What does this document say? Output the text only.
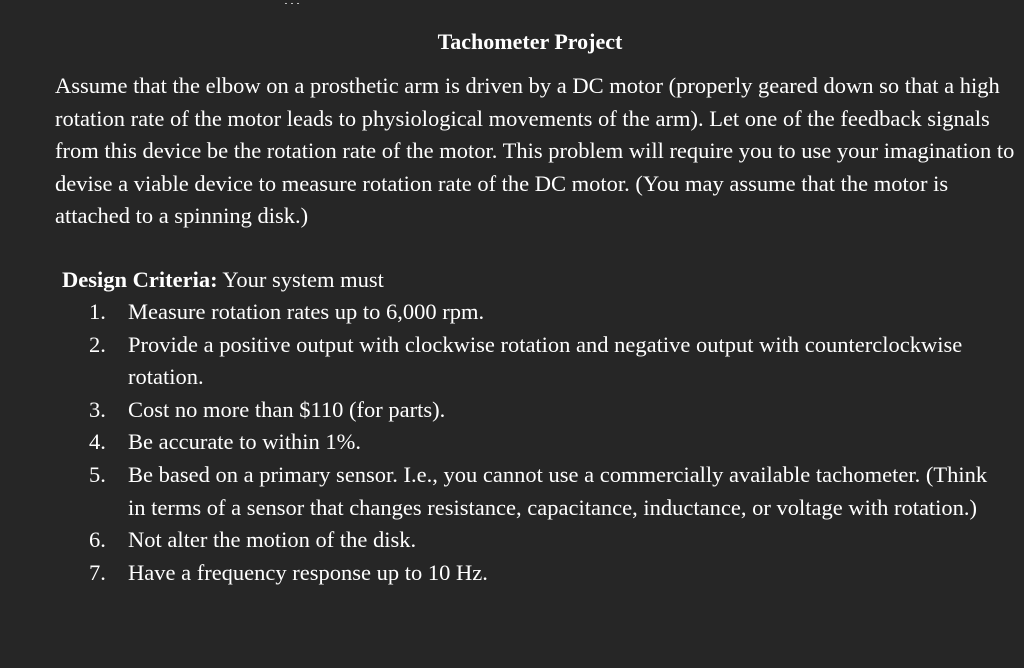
Tachometer Project

Assume that the elbow on a prosthetic arm is driven by a DC motor (properly geared down so that a high rotation rate of the motor leads to physiological movements of the arm). Let one of the feedback signals from this device be the rotation rate of the motor. This problem will require you to use your imagination to devise a viable device to measure rotation rate of the DC motor. (You may assume that the motor is attached to a spinning disk.)

Design Criteria: Your system must
1. Measure rotation rates up to 6,000 rpm.
2. Provide a positive output with clockwise rotation and negative output with counterclockwise rotation.
3. Cost no more than $110 (for parts).
4. Be accurate to within 1%.
5. Be based on a primary sensor. I.e., you cannot use a commercially available tachometer. (Think in terms of a sensor that changes resistance, capacitance, inductance, or voltage with rotation.)
6. Not alter the motion of the disk.
7. Have a frequency response up to 10 Hz.
